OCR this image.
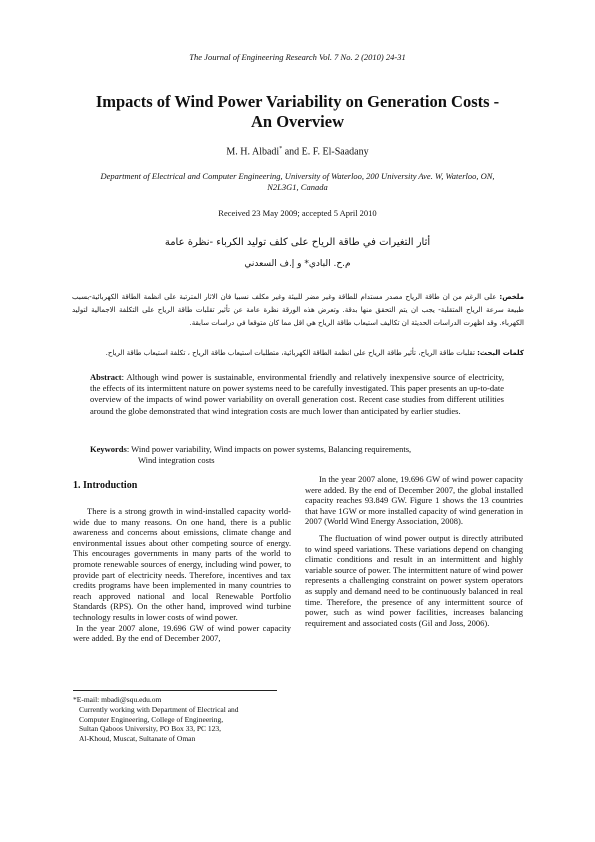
The Journal of Engineering Research Vol. 7 No. 2 (2010) 24-31
Impacts of Wind Power Variability on Generation Costs -
An Overview
M. H. Albadi* and E. F. El-Saadany
Department of Electrical and Computer Engineering, University of Waterloo, 200 University Ave. W, Waterloo, ON,
N2L3G1, Canada
Received 23 May 2009; accepted 5 April 2010
أثار التغيرات في طاقة الرياح على كلف توليد الكرباء -نظرة عامة
م.ح. البادي* و إ.ف السعدني
ملخص: على الرغم من ان طاقة الرياح مصدر مستدام للطاقة وغير مضر للبيئة وغير مكلف نسبيا فان الاثار المترتبة على انظمة الطاقة الكهربائية-بسبب طبيعة سرعة الرياح المتقلبة- يجب ان يتم التحقق منها بدقة. وتعرض هذه الورقة نظرة عامة عن تأثير تقلبات طاقة الرياح على التكلفة الاجمالية لتوليد الكهرباء. وقد اظهرت الدراسات الحديثة ان تكاليف استيعاب طاقة الرياح هي اقل مما كان متوقعا في دراسات سابقة.
كلمات البحث: تقلبات طاقة الرياح، تأثير طاقة الرياح على انظمة الطاقة الكهربائية، متطلبات استيعاب طاقة الرياح ، تكلفة استيعاب طاقة الرياح.
Abstract: Although wind power is sustainable, environmental friendly and relatively inexpensive source of electricity, the effects of its intermittent nature on power systems need to be carefully investigated. This paper presents an up-to-date overview of the impacts of wind power variability on overall generation cost. Recent case studies from different utilities around the globe demonstrated that wind integration costs are much lower than anticipated by earlier studies.
Keywords: Wind power variability, Wind impacts on power systems, Balancing requirements,
Wind integration costs
1. Introduction

There is a strong growth in wind-installed capacity world-wide due to many reasons. On one hand, there is a public awareness and concerns about emissions, climate change and environmental issues about other competing source of energy. This encourages governments in many parts of the world to promote renewable sources of energy, including wind power, to provide part of electricity needs. Therefore, incentives and tax credits programs have been implemented in many countries to reach approved national and local Renewable Portfolio Standards (RPS). On the other hand, improved wind turbine technology results in lower costs of wind power.

In the year 2007 alone, 19.696 GW of wind power capacity were added. By the end of December 2007,

In the year 2007 alone, 19.696 GW of wind power capacity were added. By the end of December 2007, the global installed capacity reaches 93.849 GW. Figure 1 shows the 13 countries that have 1GW or more installed capacity of wind generation in 2007 (World Wind Energy Association, 2008).

The fluctuation of wind power output is directly attributed to wind speed variations. These variations depend on changing climatic conditions and result in an intermittent and highly variable source of power. The intermittent nature of wind power represents a challenging constraint on power system operators as supply and demand need to be continuously balanced in real time. Therefore, the presence of any intermittent source of power, such as wind power facilities, increases balancing requirement and associated costs (Gil and Joss, 2006).

*E-mail: mbadi@squ.edu.om
Currently working with Department of Electrical and
Computer Engineering, College of Engineering,
Sultan Qaboos University, PO Box 33, PC 123,
Al-Khoud, Muscat, Sultanate of Oman
